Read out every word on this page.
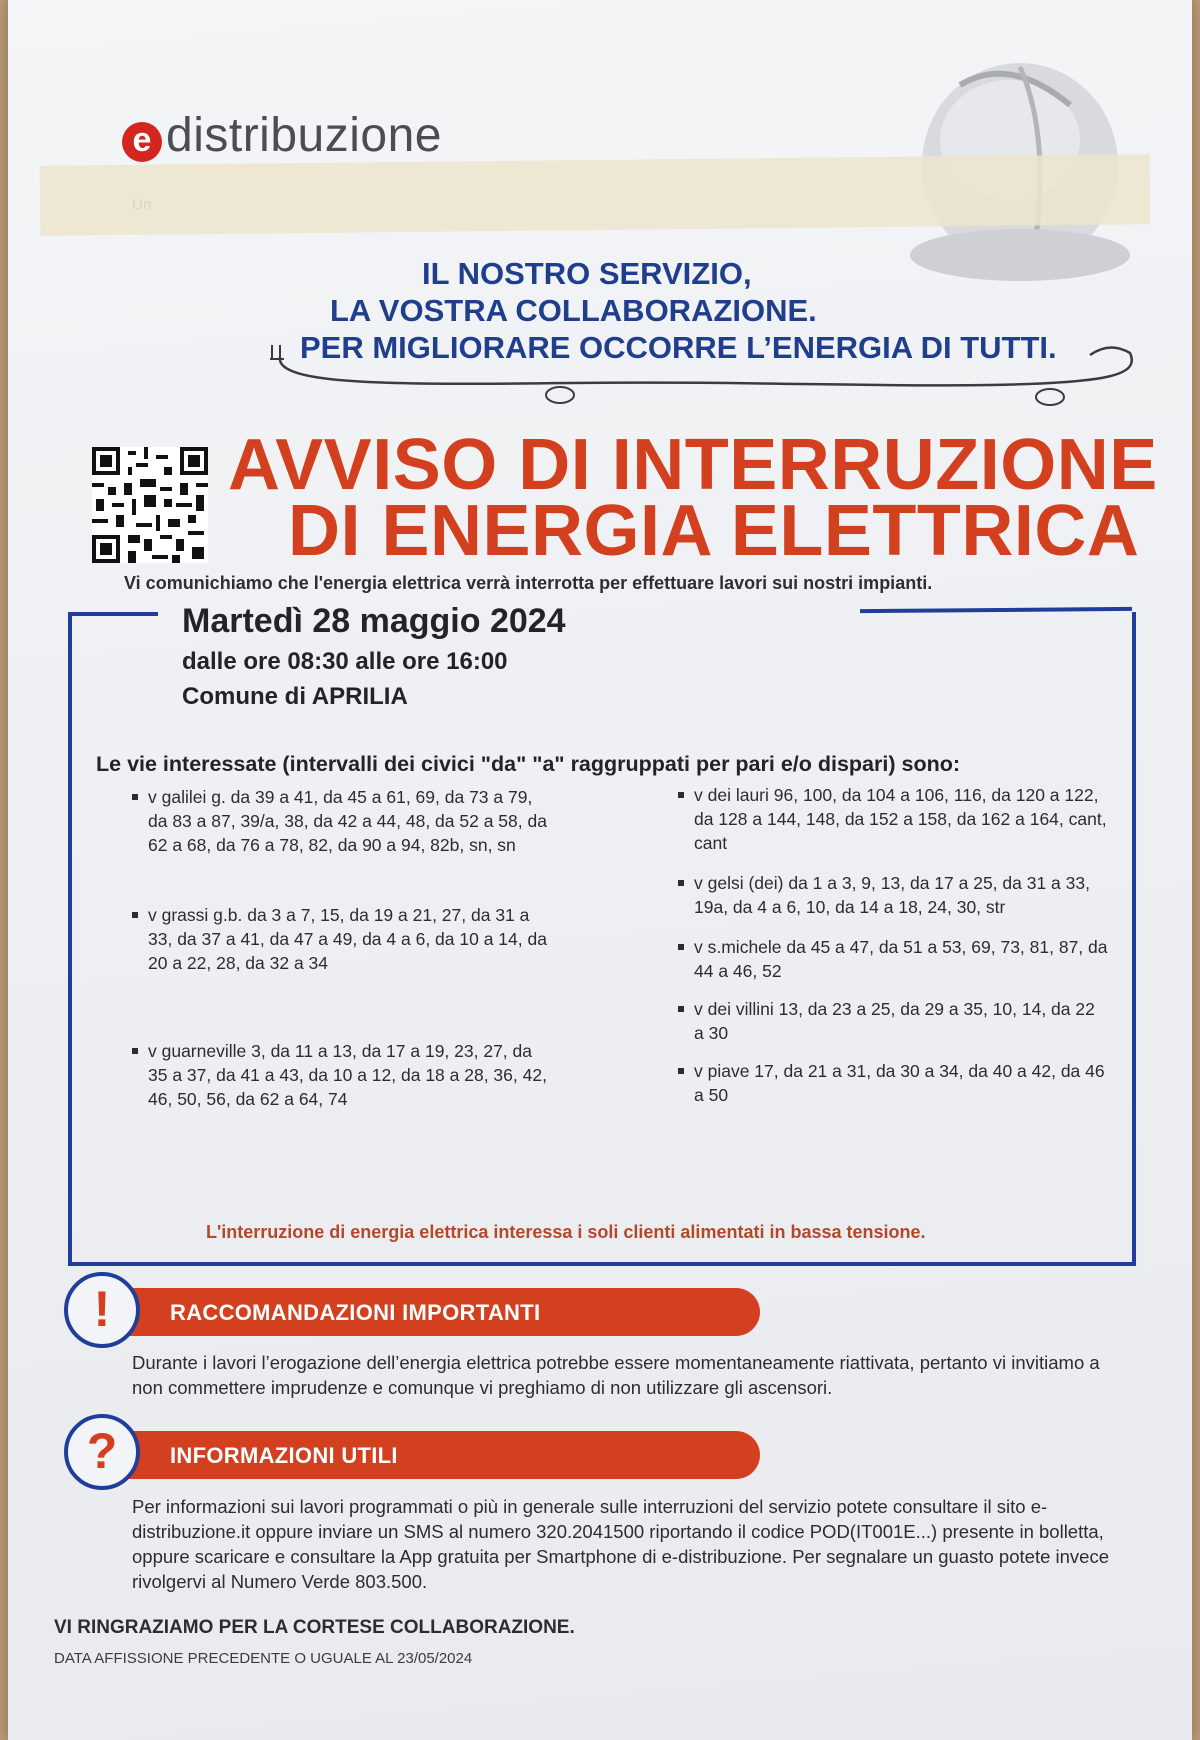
e distribuzione
IL NOSTRO SERVIZIO,
LA VOSTRA COLLABORAZIONE.
PER MIGLIORARE OCCORRE L’ENERGIA DI TUTTI.
AVVISO DI INTERRUZIONE
DI ENERGIA ELETTRICA
Vi comunichiamo che l'energia elettrica verrà interrotta per effettuare lavori sui nostri impianti.
Martedì 28 maggio 2024
dalle ore 08:30 alle ore 16:00
Comune di APRILIA
Le vie interessate (intervalli dei civici "da" "a" raggruppati per pari e/o dispari) sono:
v galilei g. da 39 a 41, da 45 a 61, 69, da 73 a 79, da 83 a 87, 39/a, 38, da 42 a 44, 48, da 52 a 58, da 62 a 68, da 76 a 78, 82, da 90 a 94, 82b, sn, sn
v grassi g.b. da 3 a 7, 15, da 19 a 21, 27, da 31 a 33, da 37 a 41, da 47 a 49, da 4 a 6, da 10 a 14, da 20 a 22, 28, da 32 a 34
v guarneville 3, da 11 a 13, da 17 a 19, 23, 27, da 35 a 37, da 41 a 43, da 10 a 12, da 18 a 28, 36, 42, 46, 50, 56, da 62 a 64, 74
v dei lauri 96, 100, da 104 a 106, 116, da 120 a 122, da 128 a 144, 148, da 152 a 158, da 162 a 164, cant, cant
v gelsi (dei) da 1 a 3, 9, 13, da 17 a 25, da 31 a 33, 19a, da 4 a 6, 10, da 14 a 18, 24, 30, str
v s.michele da 45 a 47, da 51 a 53, 69, 73, 81, 87, da 44 a 46, 52
v dei villini 13, da 23 a 25, da 29 a 35, 10, 14, da 22 a 30
v piave 17, da 21 a 31, da 30 a 34, da 40 a 42, da 46 a 50
L'interruzione di energia elettrica interessa i soli clienti alimentati in bassa tensione.
RACCOMANDAZIONI IMPORTANTI
!
Durante i lavori l’erogazione dell’energia elettrica potrebbe essere momentaneamente riattivata, pertanto vi invitiamo a non commettere imprudenze e comunque vi preghiamo di non utilizzare gli ascensori.
INFORMAZIONI UTILI
?
Per informazioni sui lavori programmati o più in generale sulle interruzioni del servizio potete consultare il sito e-distribuzione.it oppure inviare un SMS al numero 320.2041500 riportando il codice POD(IT001E...) presente in bolletta, oppure scaricare e consultare la App gratuita per Smartphone di e-distribuzione. Per segnalare un guasto potete invece rivolgervi al Numero Verde 803.500.
VI RINGRAZIAMO PER LA CORTESE COLLABORAZIONE.
DATA AFFISSIONE PRECEDENTE O UGUALE AL 23/05/2024
